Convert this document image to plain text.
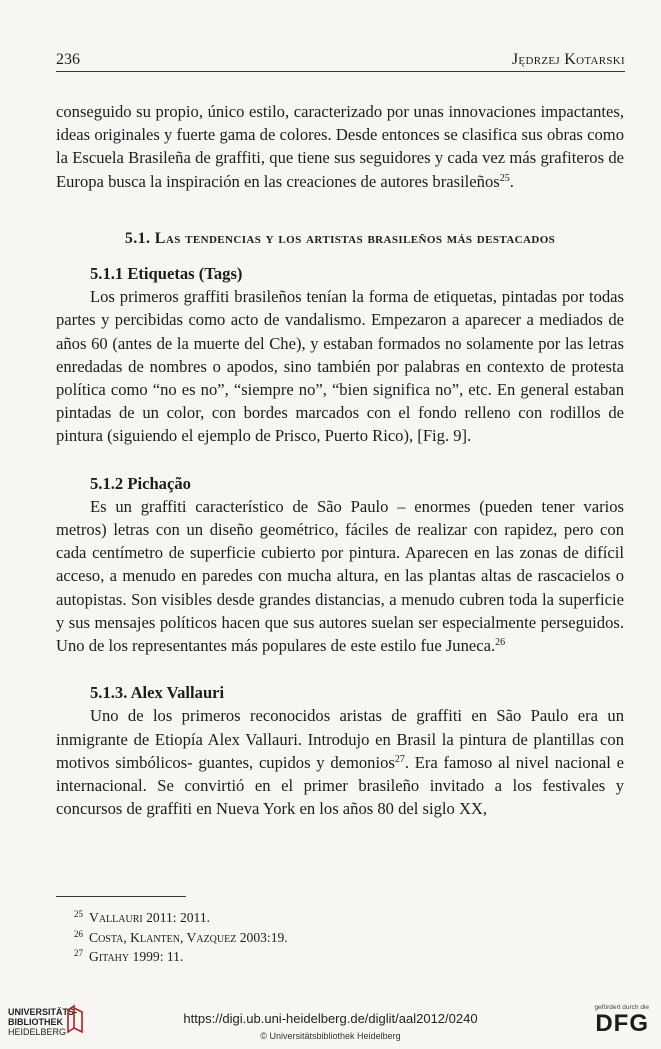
236	Jędrzej Kotarski

conseguido su propio, único estilo, caracterizado por unas innovaciones impactantes, ideas originales y fuerte gama de colores. Desde entonces se clasifica sus obras como la Escuela Brasileña de graffiti, que tiene sus seguidores y cada vez más grafiteros de Europa busca la inspiración en las creaciones de autores brasileños$^{25}$.

5.1. Las tendencias y los artistas brasileños más destacados

5.1.1 Etiquetas (Tags)

Los primeros graffiti brasileños tenían la forma de etiquetas, pintadas por todas partes y percibidas como acto de vandalismo. Empezaron a aparecer a mediados de años 60 (antes de la muerte del Che), y estaban formados no solamente por las letras enredadas de nombres o apodos, sino también por palabras en contexto de protesta política como “no es no”, “siempre no”, “bien significa no”, etc. En general estaban pintadas de un color, con bordes marcados con el fondo relleno con rodillos de pintura (siguiendo el ejemplo de Prisco, Puerto Rico), [Fig. 9].

5.1.2 Pichação

Es un graffiti característico de São Paulo – enormes (pueden tener varios metros) letras con un diseño geométrico, fáciles de realizar con rapidez, pero con cada centímetro de superficie cubierto por pintura. Aparecen en las zonas de difícil acceso, a menudo en paredes con mucha altura, en las plantas altas de rascacielos o autopistas. Son visibles desde grandes distancias, a menudo cubren toda la superficie y sus mensajes políticos hacen que sus autores suelan ser especialmente perseguidos. Uno de los representantes más populares de este estilo fue Juneca.$^{26}$

5.1.3. Alex Vallauri

Uno de los primeros reconocidos aristas de graffiti en São Paulo era un inmigrante de Etiopía Alex Vallauri. Introdujo en Brasil la pintura de plantillas con motivos simbólicos- guantes, cupidos y demonios$^{27}$. Era famoso al nivel nacional e internacional. Se convirtió en el primer brasileño invitado a los festivales y concursos de graffiti en Nueva York en los años 80 del siglo XX,

$^{25}$ Vallauri 2011: 2011.
$^{26}$ Costa, Klanten, Vazquez 2003:19.
$^{27}$ Gitahy 1999: 11.
UNIVERSITÄTS-
BIBLIOTHEK
HEIDELBERG
https://digi.ub.uni-heidelberg.de/diglit/aal2012/0240
© Universitätsbibliothek Heidelberg
gefördert durch die
DFG
